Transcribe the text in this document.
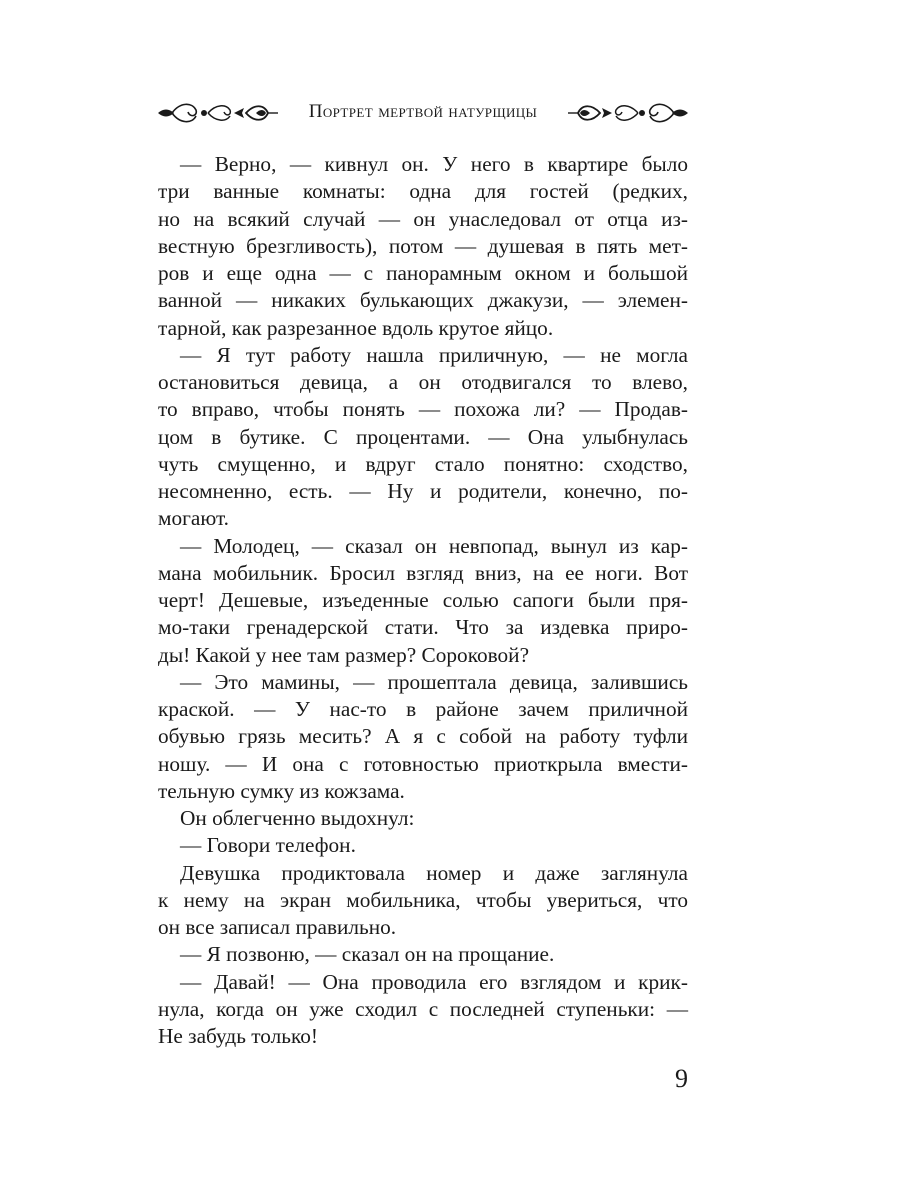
Портрет мертвой натурщицы
— Верно, — кивнул он. У него в квартире было
три ванные комнаты: одна для гостей (редких,
но на всякий случай — он унаследовал от отца из-
вестную брезгливость), потом — душевая в пять мет-
ров и еще одна — с панорамным окном и большой
ванной — никаких булькающих джакузи, — элемен-
тарной, как разрезанное вдоль крутое яйцо.
— Я тут работу нашла приличную, — не могла
остановиться девица, а он отодвигался то влево,
то вправо, чтобы понять — похожа ли? — Продав-
цом в бутике. С процентами. — Она улыбнулась
чуть смущенно, и вдруг стало понятно: сходство,
несомненно, есть. — Ну и родители, конечно, по-
могают.
— Молодец, — сказал он невпопад, вынул из кар-
мана мобильник. Бросил взгляд вниз, на ее ноги. Вот
черт! Дешевые, изъеденные солью сапоги были пря-
мо-таки гренадерской стати. Что за издевка приро-
ды! Какой у нее там размер? Сороковой?
— Это мамины, — прошептала девица, залившись
краской. — У нас-то в районе зачем приличной
обувью грязь месить? А я с собой на работу туфли
ношу. — И она с готовностью приоткрыла вмести-
тельную сумку из кожзама.
Он облегченно выдохнул:
— Говори телефон.
Девушка продиктовала номер и даже заглянула
к нему на экран мобильника, чтобы увериться, что
он все записал правильно.
— Я позвоню, — сказал он на прощание.
— Давай! — Она проводила его взглядом и крик-
нула, когда он уже сходил с последней ступеньки: —
Не забудь только!
9
